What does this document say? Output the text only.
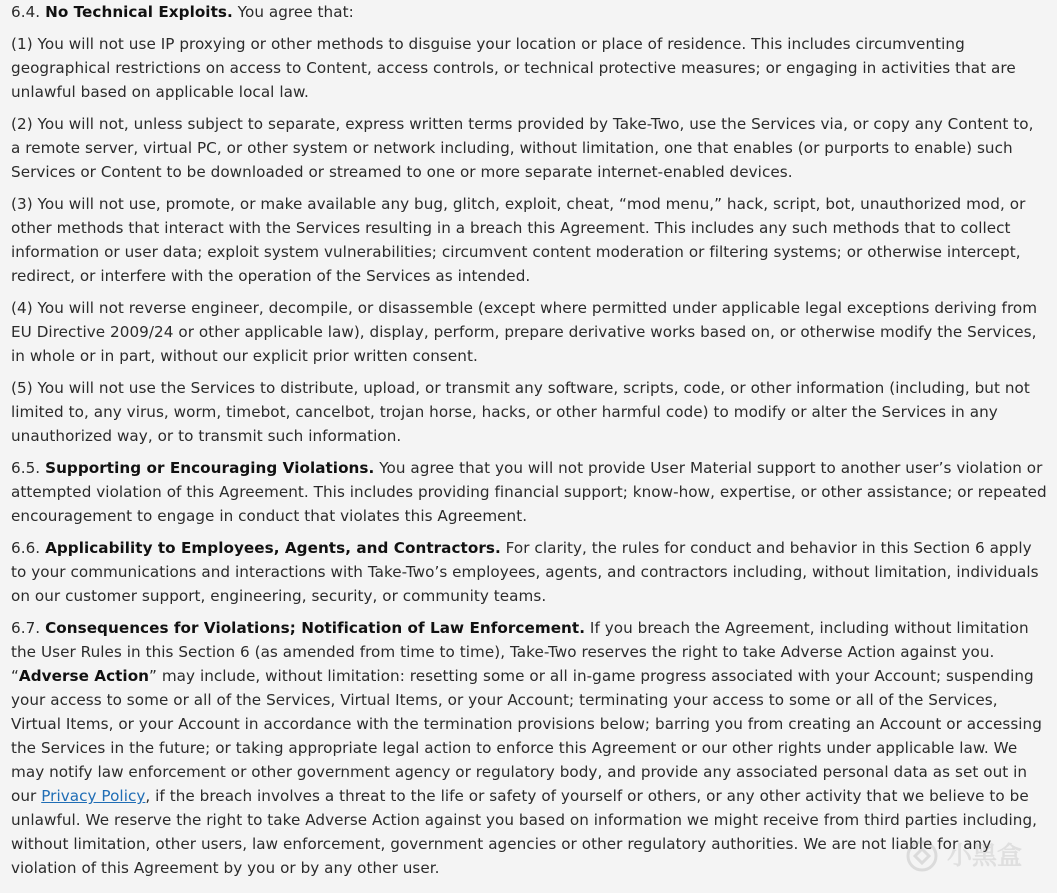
6.4. No Technical Exploits. You agree that:

(1) You will not use IP proxying or other methods to disguise your location or place of residence. This includes circumventing geographical restrictions on access to Content, access controls, or technical protective measures; or engaging in activities that are unlawful based on applicable local law.

(2) You will not, unless subject to separate, express written terms provided by Take-Two, use the Services via, or copy any Content to, a remote server, virtual PC, or other system or network including, without limitation, one that enables (or purports to enable) such Services or Content to be downloaded or streamed to one or more separate internet-enabled devices.

(3) You will not use, promote, or make available any bug, glitch, exploit, cheat, “mod menu,” hack, script, bot, unauthorized mod, or other methods that interact with the Services resulting in a breach this Agreement. This includes any such methods that to collect information or user data; exploit system vulnerabilities; circumvent content moderation or filtering systems; or otherwise intercept, redirect, or interfere with the operation of the Services as intended.

(4) You will not reverse engineer, decompile, or disassemble (except where permitted under applicable legal exceptions deriving from EU Directive 2009/24 or other applicable law), display, perform, prepare derivative works based on, or otherwise modify the Services, in whole or in part, without our explicit prior written consent.

(5) You will not use the Services to distribute, upload, or transmit any software, scripts, code, or other information (including, but not limited to, any virus, worm, timebot, cancelbot, trojan horse, hacks, or other harmful code) to modify or alter the Services in any unauthorized way, or to transmit such information.

6.5. Supporting or Encouraging Violations. You agree that you will not provide User Material support to another user’s violation or attempted violation of this Agreement. This includes providing financial support; know-how, expertise, or other assistance; or repeated encouragement to engage in conduct that violates this Agreement.

6.6. Applicability to Employees, Agents, and Contractors. For clarity, the rules for conduct and behavior in this Section 6 apply to your communications and interactions with Take-Two’s employees, agents, and contractors including, without limitation, individuals on our customer support, engineering, security, or community teams.

6.7. Consequences for Violations; Notification of Law Enforcement. If you breach the Agreement, including without limitation the User Rules in this Section 6 (as amended from time to time), Take-Two reserves the right to take Adverse Action against you. “Adverse Action” may include, without limitation: resetting some or all in-game progress associated with your Account; suspending your access to some or all of the Services, Virtual Items, or your Account; terminating your access to some or all of the Services, Virtual Items, or your Account in accordance with the termination provisions below; barring you from creating an Account or accessing the Services in the future; or taking appropriate legal action to enforce this Agreement or our other rights under applicable law. We may notify law enforcement or other government agency or regulatory body, and provide any associated personal data as set out in our Privacy Policy, if the breach involves a threat to the life or safety of yourself or others, or any other activity that we believe to be unlawful. We reserve the right to take Adverse Action against you based on information we might receive from third parties including, without limitation, other users, law enforcement, government agencies or other regulatory authorities. We are not liable for any violation of this Agreement by you or by any other user.	小黑盒
